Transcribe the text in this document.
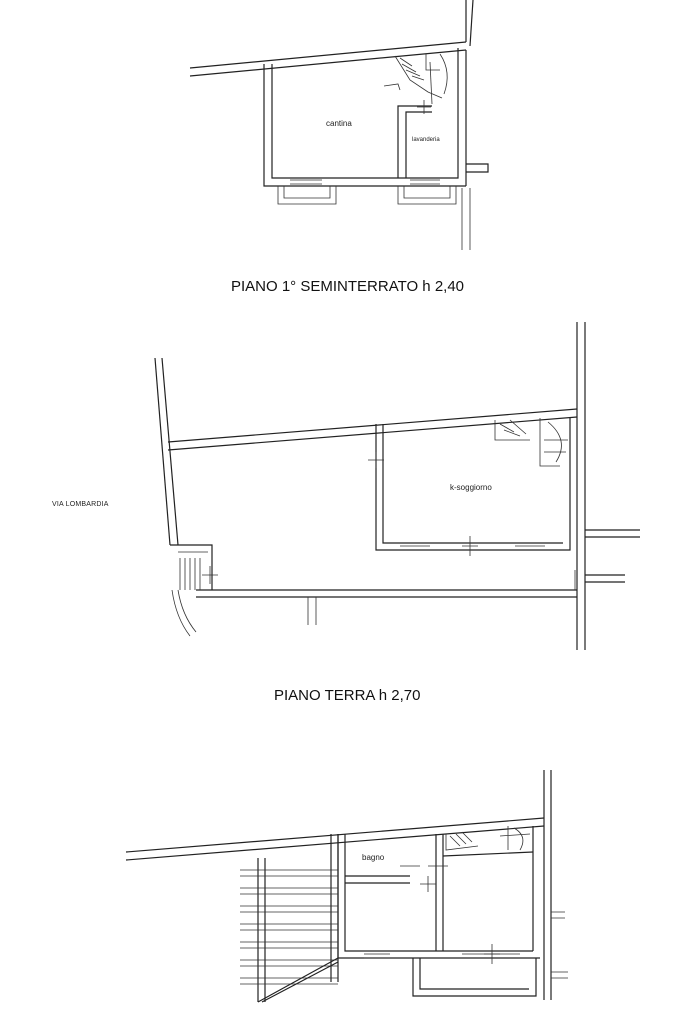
cantina
lavanderia
PIANO 1° SEMINTERRATO h 2,40
k-soggiorno
VIA LOMBARDIA
PIANO TERRA h 2,70
bagno
